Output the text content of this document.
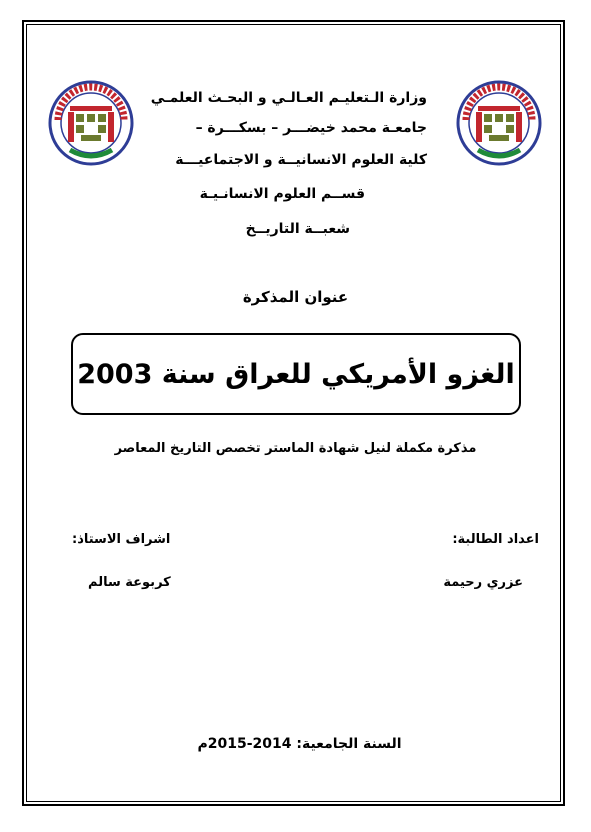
وزارة الـتعليـم العـالـي و البحـث العلمـي
جامعـة محمد خيضـــر – بسكـــرة –
كلية العلوم الانسانيــة و الاجتماعيـــة
قســم العلوم الانسانـيـة
شعبــة التاريــخ
عنوان المذكرة
الغزو الأمريكي للعراق سنة 2003
مذكرة مكملة لنيل شهادة الماستر تخصص التاريخ المعاصر
اعداد الطالبة:
عزري رحيمة
اشراف الاستاذ:
كربوعة سالم
السنة الجامعية: 2014-2015م
